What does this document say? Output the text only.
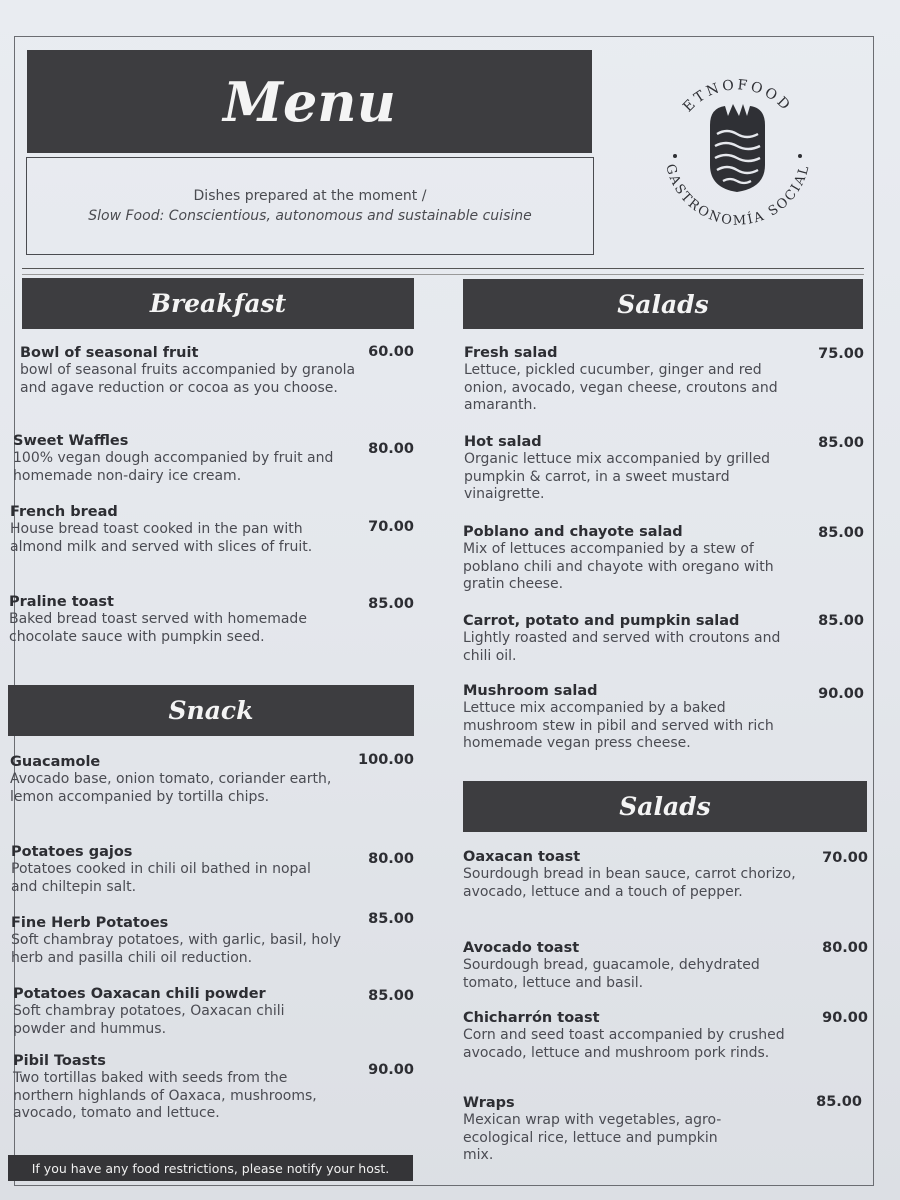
Menu
Dishes prepared at the moment /
Slow Food: Conscientious, autonomous and sustainable cuisine
ETNOFOOD
GASTRONOMÍA SOCIAL
Breakfast
Bowl of seasonal fruit
bowl of seasonal fruits accompanied by granola and agave reduction or cocoa as you choose.
60.00
Sweet Waffles
100% vegan dough accompanied by fruit and homemade non-dairy ice cream.
80.00
French bread
House bread toast cooked in the pan with almond milk and served with slices of fruit.
70.00
Praline toast
Baked bread toast served with homemade chocolate sauce with pumpkin seed.
85.00
Snack
Guacamole
Avocado base, onion tomato, coriander earth, lemon accompanied by tortilla chips.
100.00
Potatoes gajos
Potatoes cooked in chili oil bathed in nopal and chiltepin salt.
80.00
Fine Herb Potatoes
Soft chambray potatoes, with garlic, basil, holy herb and pasilla chili oil reduction.
85.00
Potatoes Oaxacan chili powder
Soft chambray potatoes, Oaxacan chili powder and hummus.
85.00
Pibil Toasts
Two tortillas baked with seeds from the northern highlands of Oaxaca, mushrooms, avocado, tomato and lettuce.
90.00
Salads
Fresh salad
Lettuce, pickled cucumber, ginger and red onion, avocado, vegan cheese, croutons and amaranth.
75.00
Hot salad
Organic lettuce mix accompanied by grilled pumpkin & carrot, in a sweet mustard vinaigrette.
85.00
Poblano and chayote salad
Mix of lettuces accompanied by a stew of poblano chili and chayote with oregano with gratin cheese.
85.00
Carrot, potato and pumpkin salad
Lightly roasted and served with croutons and chili oil.
85.00
Mushroom salad
Lettuce mix accompanied by a baked mushroom stew in pibil and served with rich homemade vegan press cheese.
90.00
Salads
Oaxacan toast
Sourdough bread in bean sauce, carrot chorizo, avocado, lettuce and a touch of pepper.
70.00
Avocado toast
Sourdough bread, guacamole, dehydrated tomato, lettuce and basil.
80.00
Chicharrón toast
Corn and seed toast accompanied by crushed avocado, lettuce and mushroom pork rinds.
90.00
Wraps
Mexican wrap with vegetables, agro-ecological rice, lettuce and pumpkin mix.
85.00
If you have any food restrictions, please notify your host.
